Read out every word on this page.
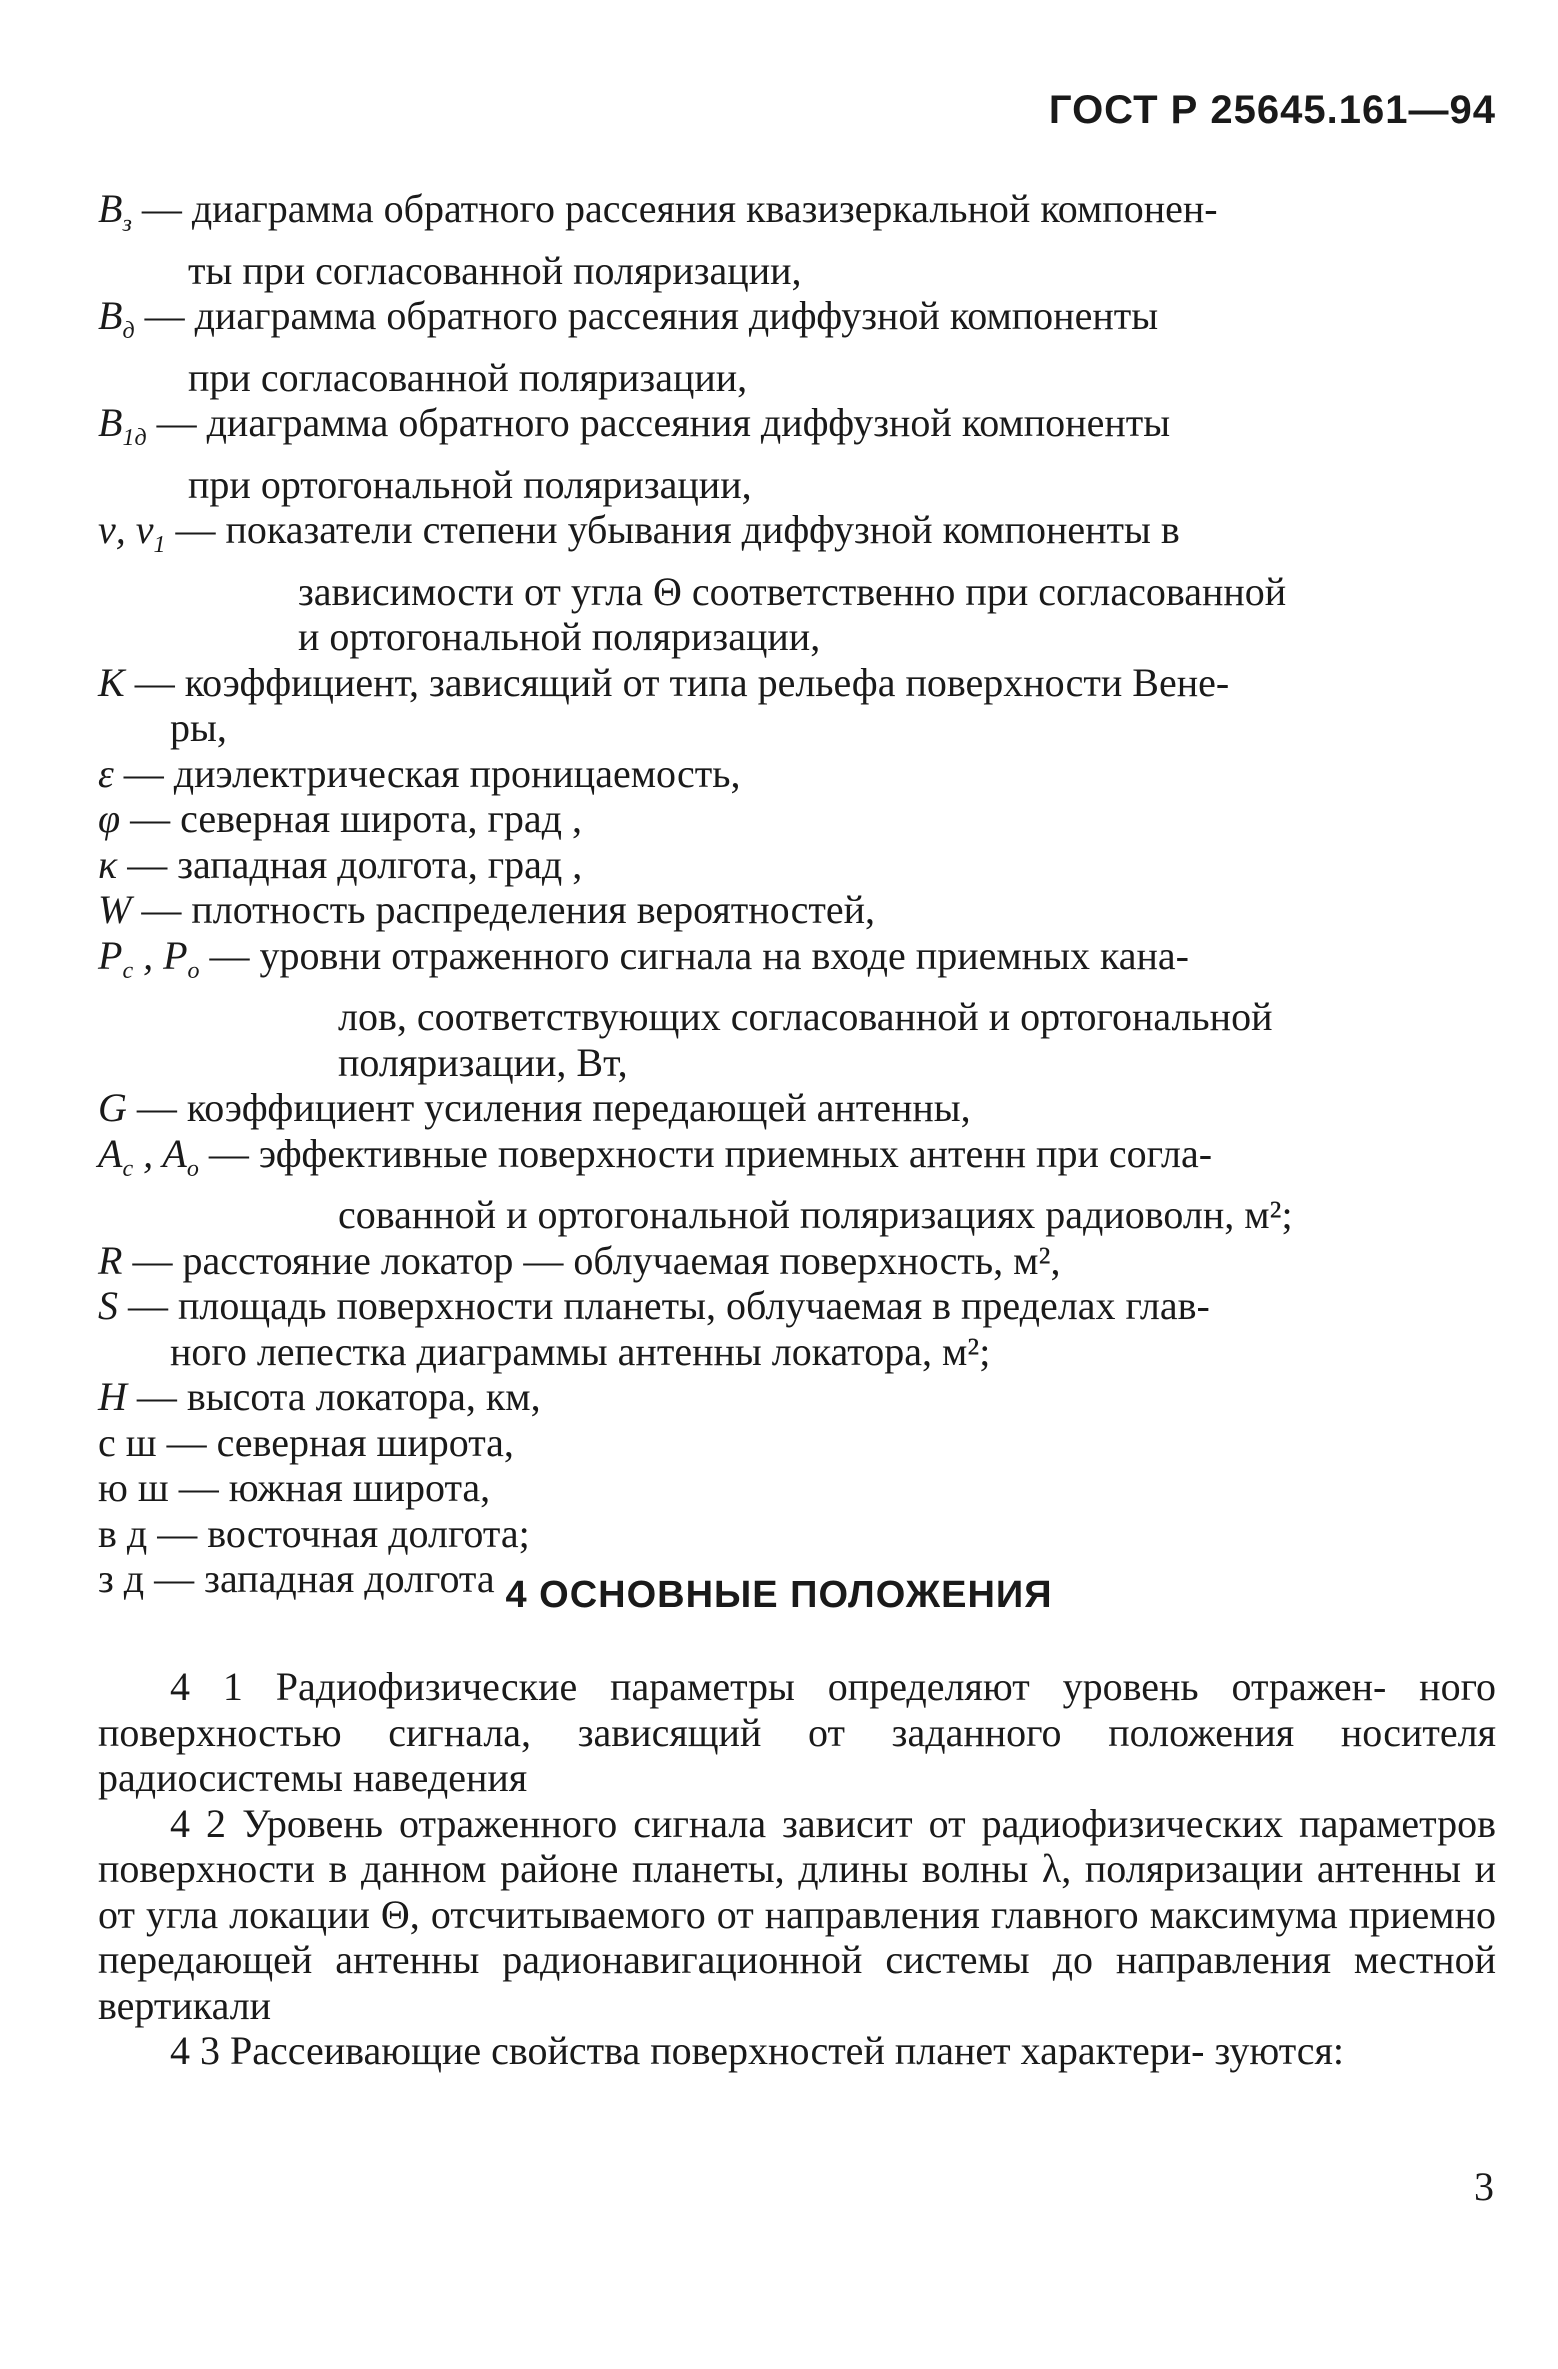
ГОСТ Р 25645.161—94
$B_з$ — диаграмма обратного рассеяния квазизеркальной компонен-
ты при согласованной поляризации,
$B_д$ — диаграмма обратного рассеяния диффузной компоненты
при согласованной поляризации,
$B_{1д}$ — диаграмма обратного рассеяния диффузной компоненты
при ортогональной поляризации,
ν, $\nu_1$ — показатели степени убывания диффузной компоненты в
зависимости от угла Θ соответственно при согласованной
и ортогональной поляризации,
K — коэффициент, зависящий от типа рельефа поверхности Вене-
ры,
ε — диэлектрическая проницаемость,
φ — северная широта, град ,
κ — западная долгота, град ,
W — плотность распределения вероятностей,
$P_c$ , $P_о$ — уровни отраженного сигнала на входе приемных кана-
лов, соответствующих согласованной и ортогональной
поляризации, Вт,
G — коэффициент усиления передающей антенны,
$A_c$ , $A_о$ — эффективные поверхности приемных антенн при согла-
сованной и ортогональной поляризациях радиоволн, м²;
R — расстояние локатор — облучаемая поверхность, м²,
S — площадь поверхности планеты, облучаемая в пределах глав-
ного лепестка диаграммы антенны локатора, м²;
H — высота локатора, км,
с ш — северная широта,
ю ш — южная широта,
в д — восточная долгота;
з д — западная долгота 4 ОСНОВНЫЕ ПОЛОЖЕНИЯ

4 1 Радиофизические параметры определяют уровень отражен- ного поверхностью сигнала, зависящий от заданного положения носителя радиосистемы наведения

4 2 Уровень отраженного сигнала зависит от радиофизических параметров поверхности в данном районе планеты, длины волны λ, поляризации антенны и от угла локации Θ, отсчитываемого от направления главного максимума приемно передающей антенны радионавигационной системы до направления местной вертикали

4 3 Рассеивающие свойства поверхностей планет характери- зуются:

3
